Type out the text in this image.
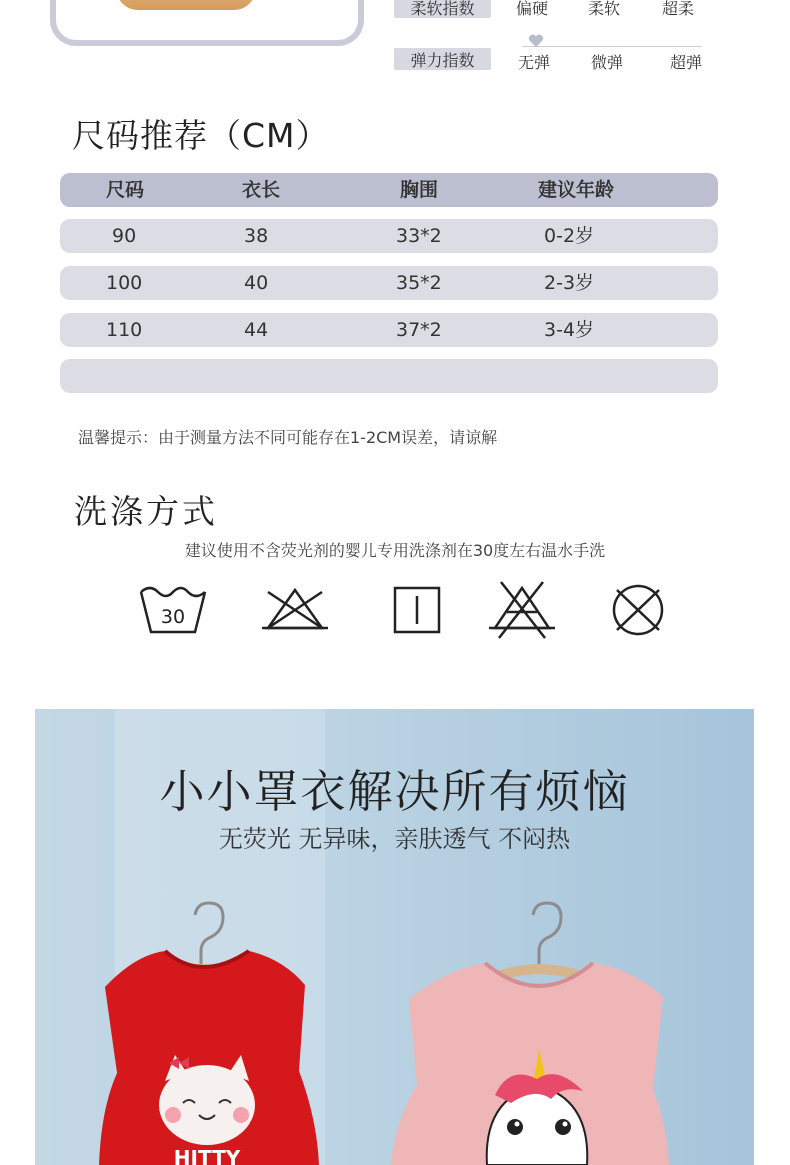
柔软指数	偏硬 柔软	超柔
弹力指数	无弹	微弹	超弹
尺码推荐（CM）
尺码	衣长	胸围	建议年龄
90	38	33*2	0-2岁
100	40	35*2	2-3岁
110	44	37*2	3-4岁
温馨提示：由于测量方法不同可能存在1-2CM误差，请谅解
洗涤方式
建议使用不含荧光剂的婴儿专用洗涤剂在30度左右温水手洗
30
小小罩衣解决所有烦恼
无荧光 无异味，亲肤透气 不闷热
HITTY
